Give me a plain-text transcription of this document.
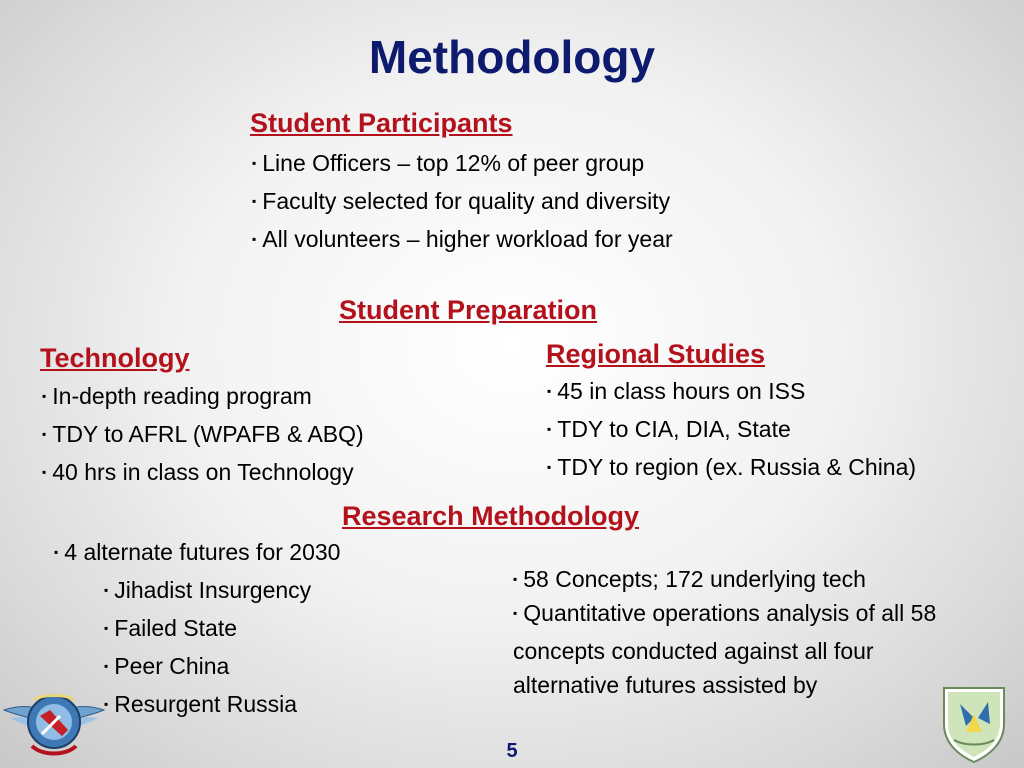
Methodology
Student Participants
▪ Line Officers – top 12% of peer group
▪ Faculty selected for quality and diversity
▪ All volunteers – higher workload for year
Student Preparation
Technology
▪ In-depth reading program
▪ TDY to AFRL (WPAFB & ABQ)
▪ 40 hrs in class on Technology
Regional Studies
▪ 45 in class hours on ISS
▪ TDY to CIA, DIA, State
▪ TDY to region (ex. Russia & China)
Research Methodology
▪ 4 alternate futures for 2030
▪ Jihadist Insurgency
▪ Failed State
▪ Peer China
▪ Resurgent Russia
▪ 58 Concepts; 172 underlying tech

▪ Quantitative operations analysis of all 58 concepts conducted against all four alternative futures assisted by

5
